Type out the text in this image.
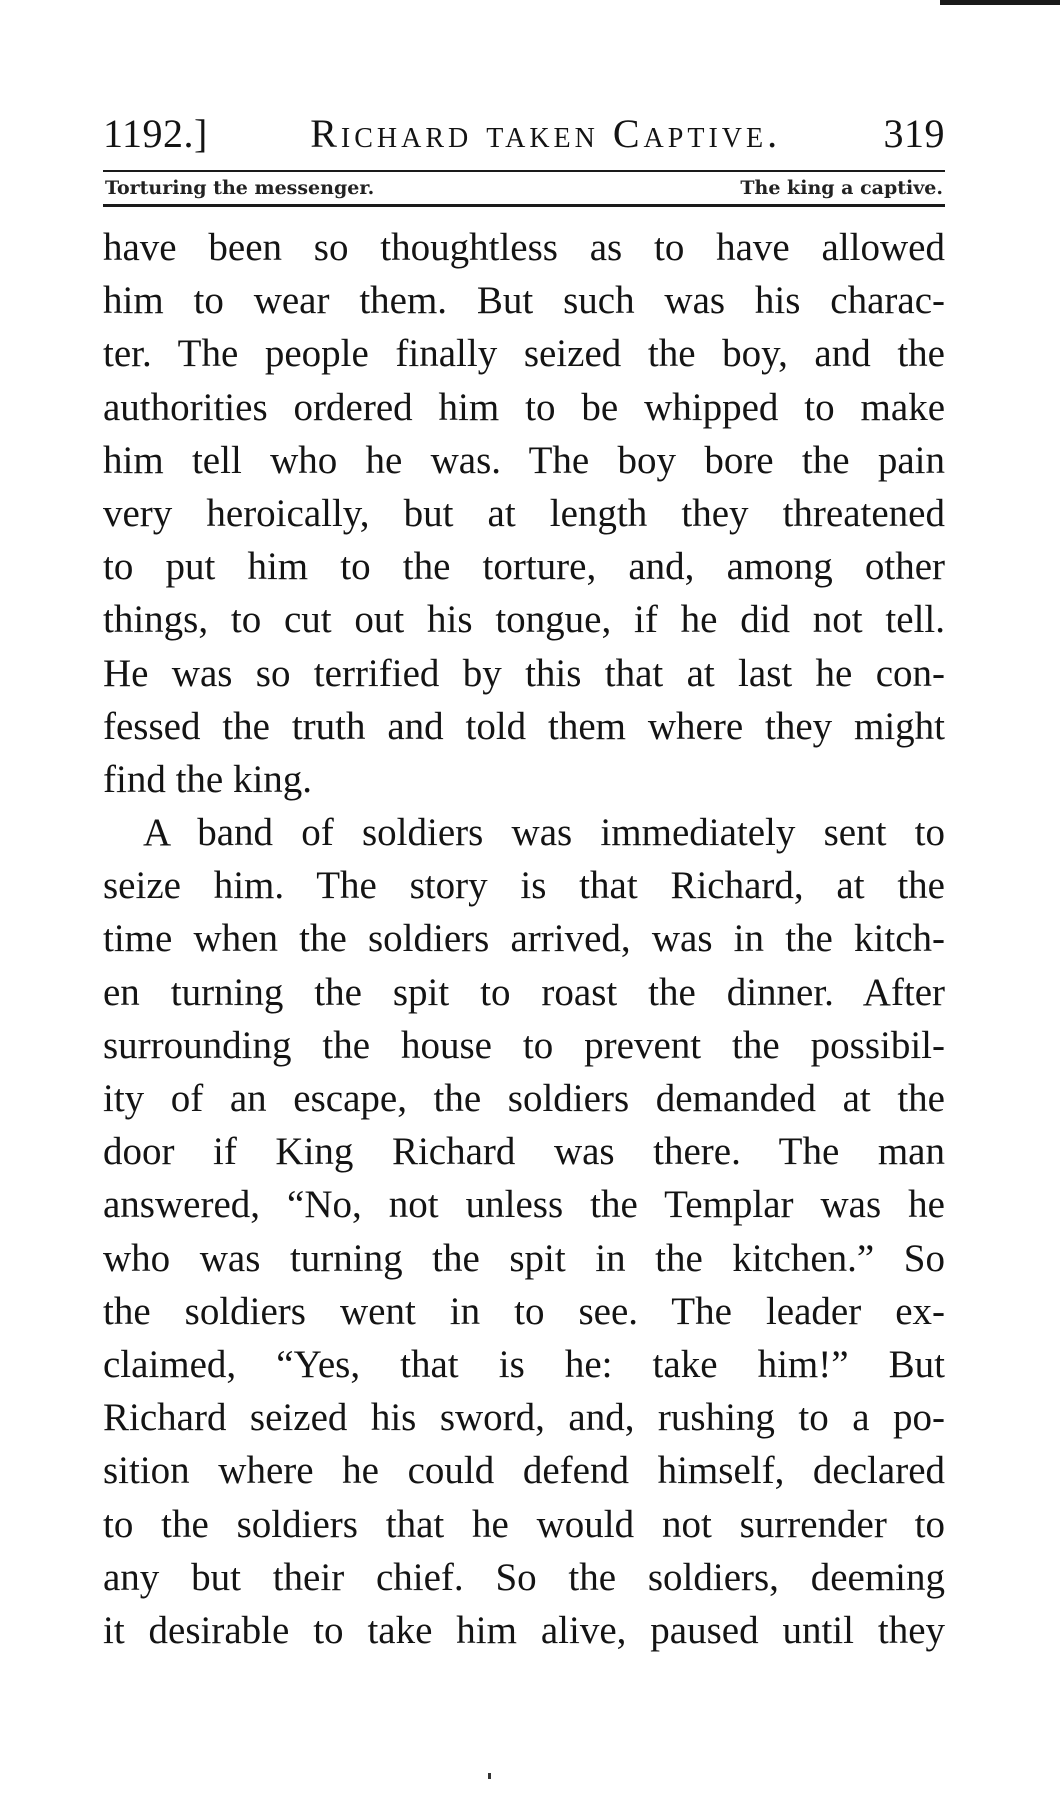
1192.]	Richard taken Captive.	319
Torturing the messenger.	The king a captive.
have been so thoughtless as to have allowed
him to wear them. But such was his charac-
ter. The people finally seized the boy, and the
authorities ordered him to be whipped to make
him tell who he was. The boy bore the pain
very heroically, but at length they threatened
to put him to the torture, and, among other
things, to cut out his tongue, if he did not tell.
He was so terrified by this that at last he con-
fessed the truth and told them where they might
find the king.
A band of soldiers was immediately sent to
seize him. The story is that Richard, at the
time when the soldiers arrived, was in the kitch-
en turning the spit to roast the dinner. After
surrounding the house to prevent the possibil-
ity of an escape, the soldiers demanded at the
door if King Richard was there. The man
answered, “No, not unless the Templar was he
who was turning the spit in the kitchen.” So
the soldiers went in to see. The leader ex-
claimed, “Yes, that is he: take him!” But
Richard seized his sword, and, rushing to a po-
sition where he could defend himself, declared
to the soldiers that he would not surrender to
any but their chief. So the soldiers, deeming
it desirable to take him alive, paused until they
